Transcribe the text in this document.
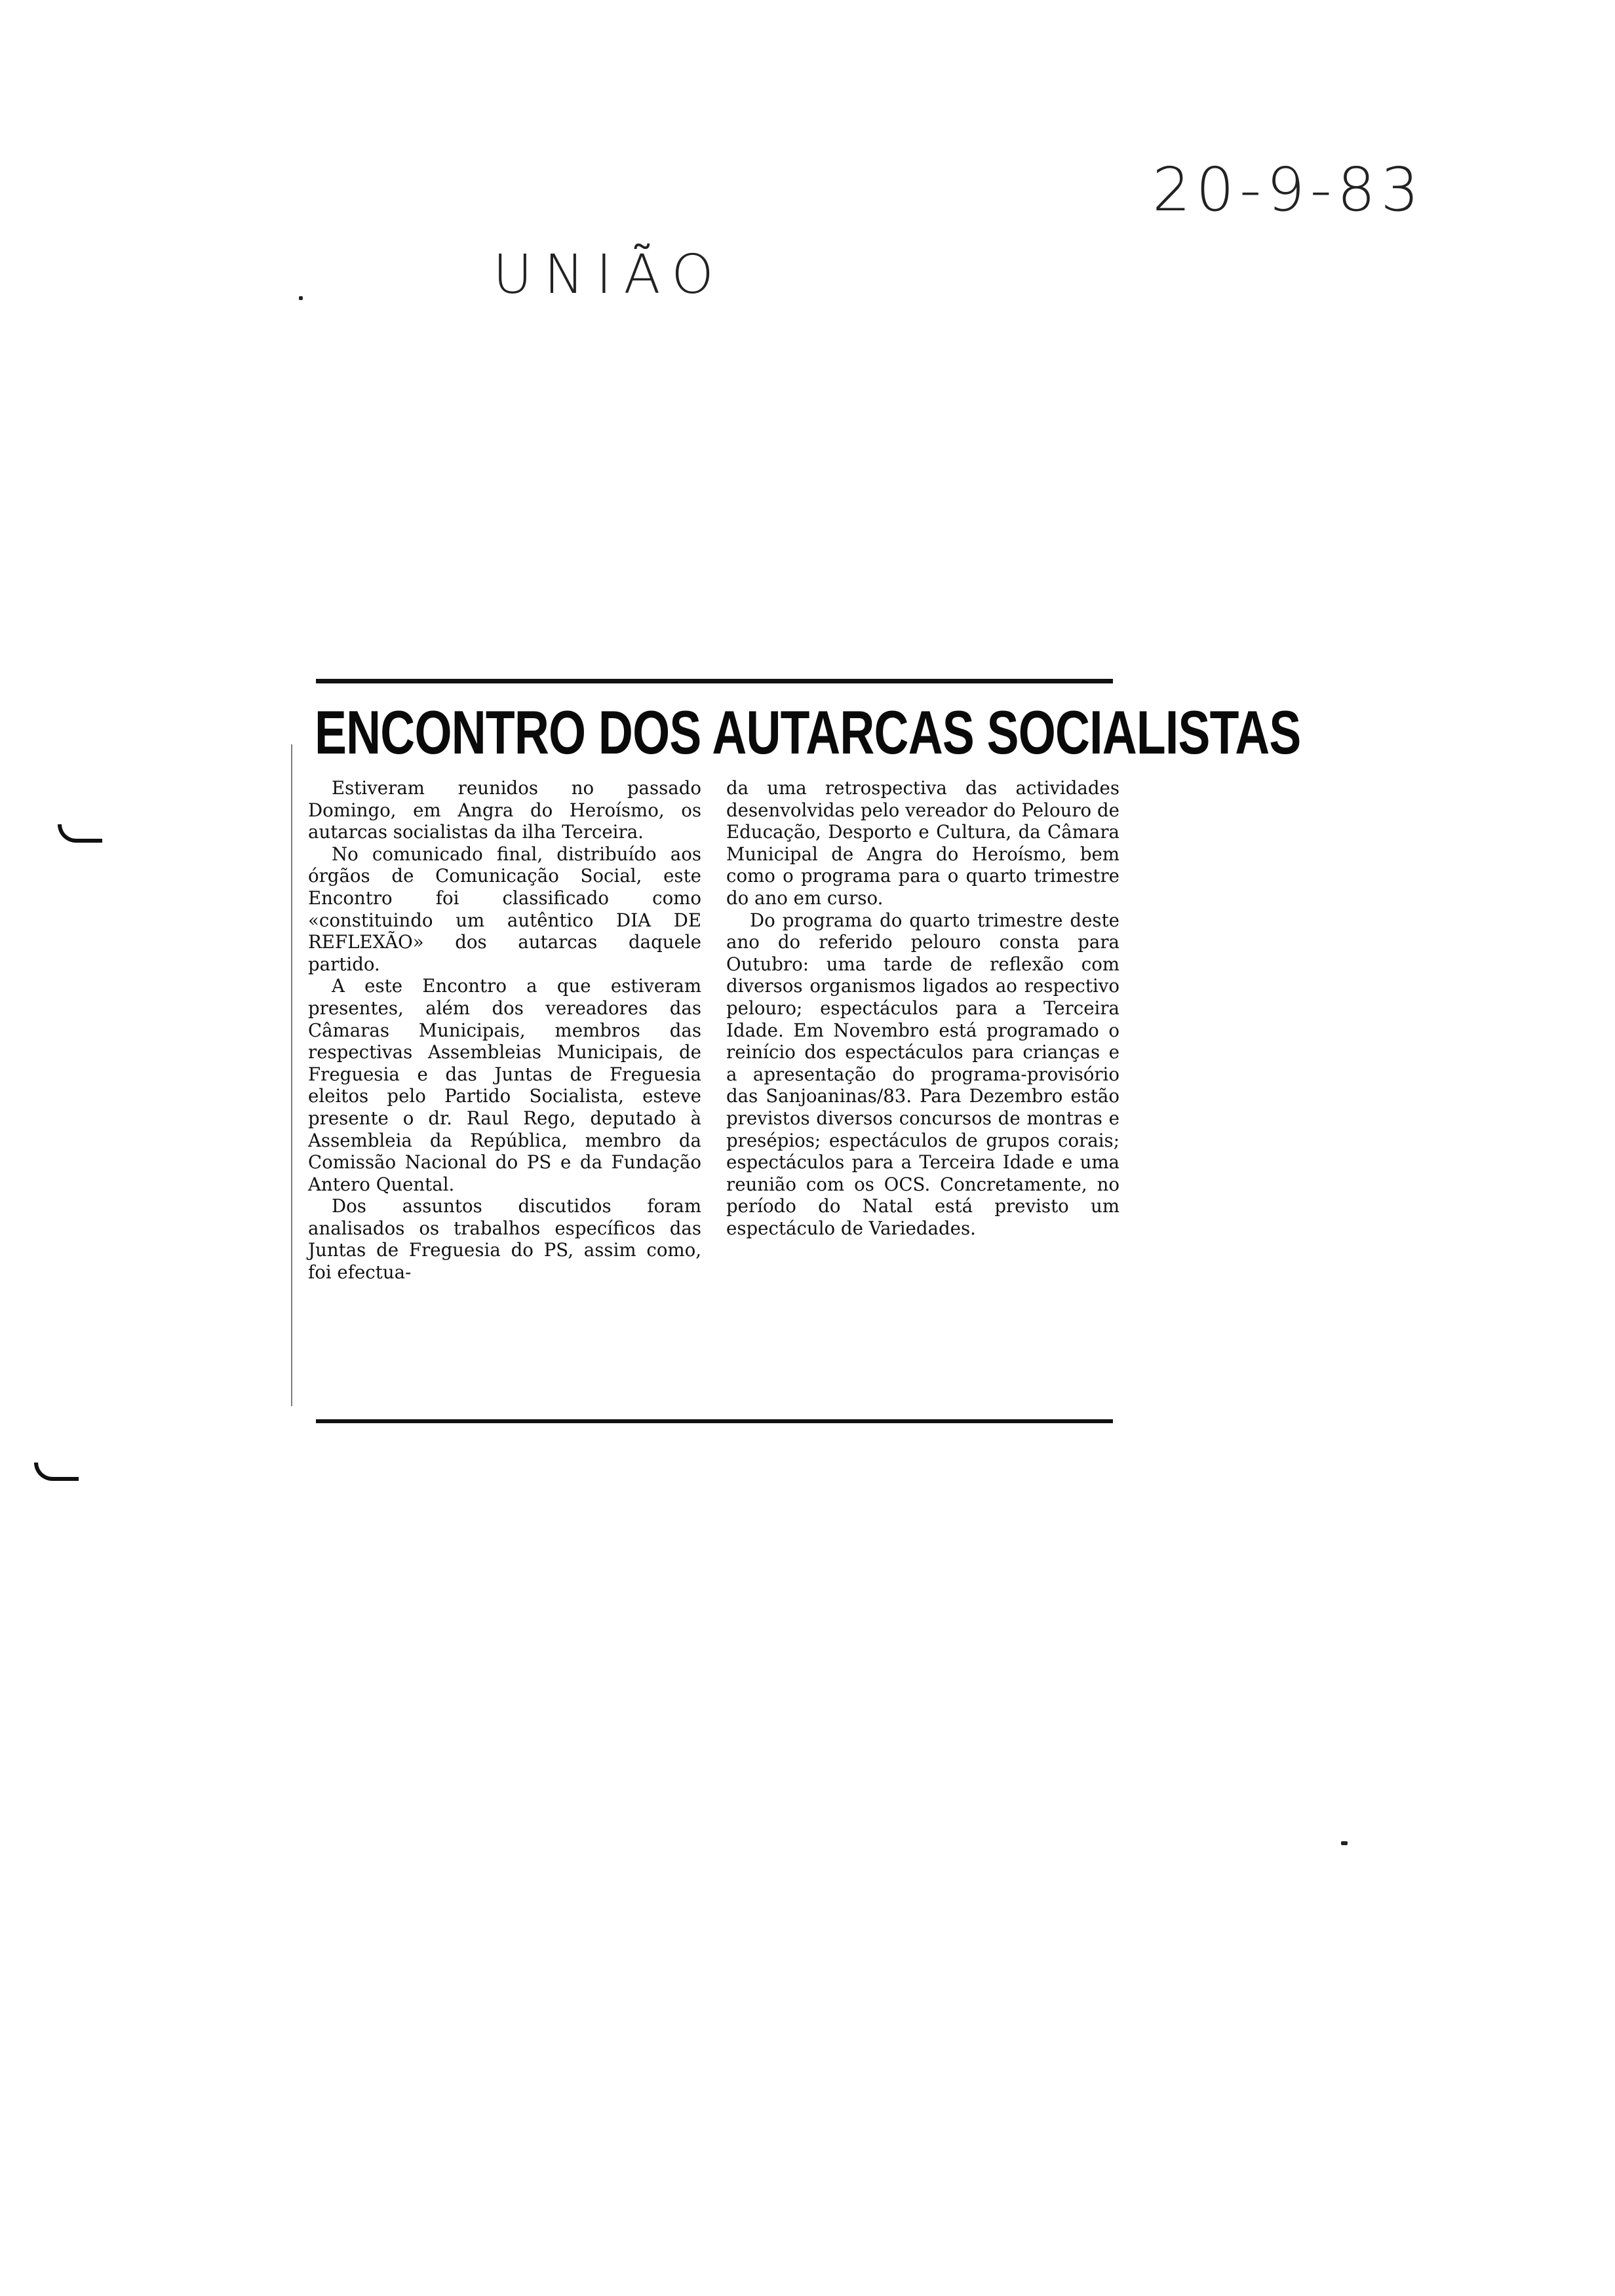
20-9-83
UNIÃO
ENCONTRO DOS AUTARCAS SOCIALISTAS

Estiveram reunidos no passado Domingo, em Angra do Heroísmo, os autarcas socialistas da ilha Terceira.

No comunicado final, distribuído aos órgãos de Comunicação Social, este Encontro foi classificado como «constituindo um autêntico DIA DE REFLEXÃO» dos autarcas daquele partido.

A este Encontro a que estiveram presentes, além dos vereadores das Câmaras Municipais, membros das respectivas Assembleias Municipais, de Freguesia e das Juntas de Freguesia eleitos pelo Partido Socialista, esteve presente o dr. Raul Rego, deputado à Assembleia da República, membro da Comissão Nacional do PS e da Fundação Antero Quental.

Dos assuntos discutidos foram analisados os trabalhos específicos das Juntas de Freguesia do PS, assim como, foi efectua-

da uma retrospectiva das actividades desenvolvidas pelo vereador do Pelouro de Educação, Desporto e Cultura, da Câmara Municipal de Angra do Heroísmo, bem como o programa para o quarto trimestre do ano em curso.

Do programa do quarto trimestre deste ano do referido pelouro consta para Outubro: uma tarde de reflexão com diversos organismos ligados ao respectivo pelouro; espectáculos para a Terceira Idade. Em Novembro está programado o reinício dos espectáculos para crianças e a apresentação do programa-provisório das Sanjoaninas/83. Para Dezembro estão previstos diversos concursos de montras e presépios; espectáculos de grupos corais; espectáculos para a Terceira Idade e uma reunião com os OCS. Concretamente, no período do Natal está previsto um espectáculo de Variedades.
